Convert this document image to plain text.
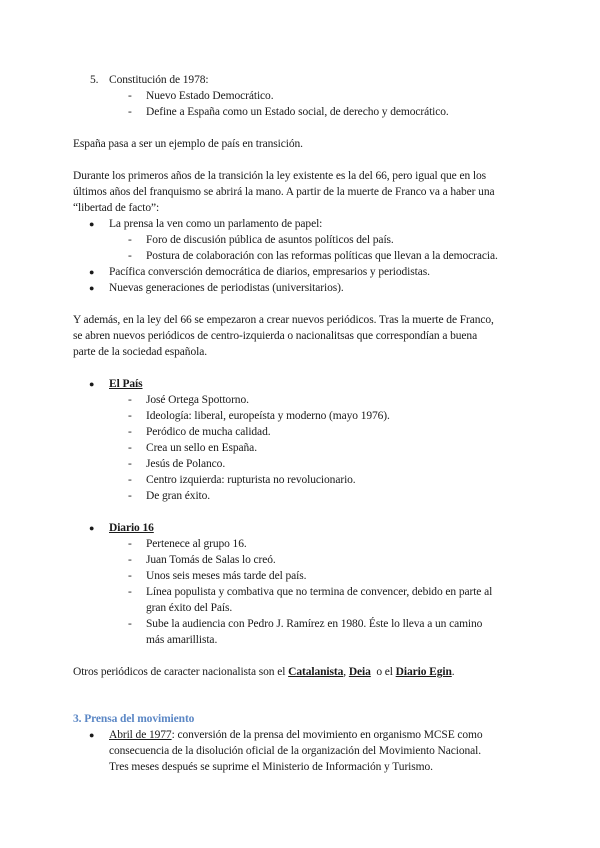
5. Constitución de 1978:
- Nuevo Estado Democrático.
- Define a España como un Estado social, de derecho y democrático.
España pasa a ser un ejemplo de país en transición.
Durante los primeros años de la transición la ley existente es la del 66, pero igual que en los
últimos años del franquismo se abrirá la mano. A partir de la muerte de Franco va a haber una
“libertad de facto”:
● La prensa la ven como un parlamento de papel:
- Foro de discusión pública de asuntos políticos del país.
- Postura de colaboración con las reformas políticas que llevan a la democracia.
● Pacífica conversción democrática de diarios, empresarios y periodistas.
● Nuevas generaciones de periodistas (universitarios).
Y además, en la ley del 66 se empezaron a crear nuevos periódicos. Tras la muerte de Franco,
se abren nuevos periódicos de centro-izquierda o nacionalitsas que correspondían a buena
parte de la sociedad española.
● El País
- José Ortega Spottorno.
- Ideología: liberal, europeísta y moderno (mayo 1976).
- Peródico de mucha calidad.
- Crea un sello en España.
- Jesús de Polanco.
- Centro izquierda: rupturista no revolucionario.
- De gran éxito.
● Diario 16
- Pertenece al grupo 16.
- Juan Tomás de Salas lo creó.
- Unos seis meses más tarde del país.
- Línea populista y combativa que no termina de convencer, debido en parte al
gran éxito del País.
- Sube la audiencia con Pedro J. Ramírez en 1980. Éste lo lleva a un camino
más amarillista.
Otros periódicos de caracter nacionalista son el Catalanista, Deia  o el Diario Egin.
3. Prensa del movimiento
● Abril de 1977: conversión de la prensa del movimiento en organismo MCSE como
consecuencia de la disolución oficial de la organización del Movimiento Nacional.
Tres meses después se suprime el Ministerio de Información y Turismo.
